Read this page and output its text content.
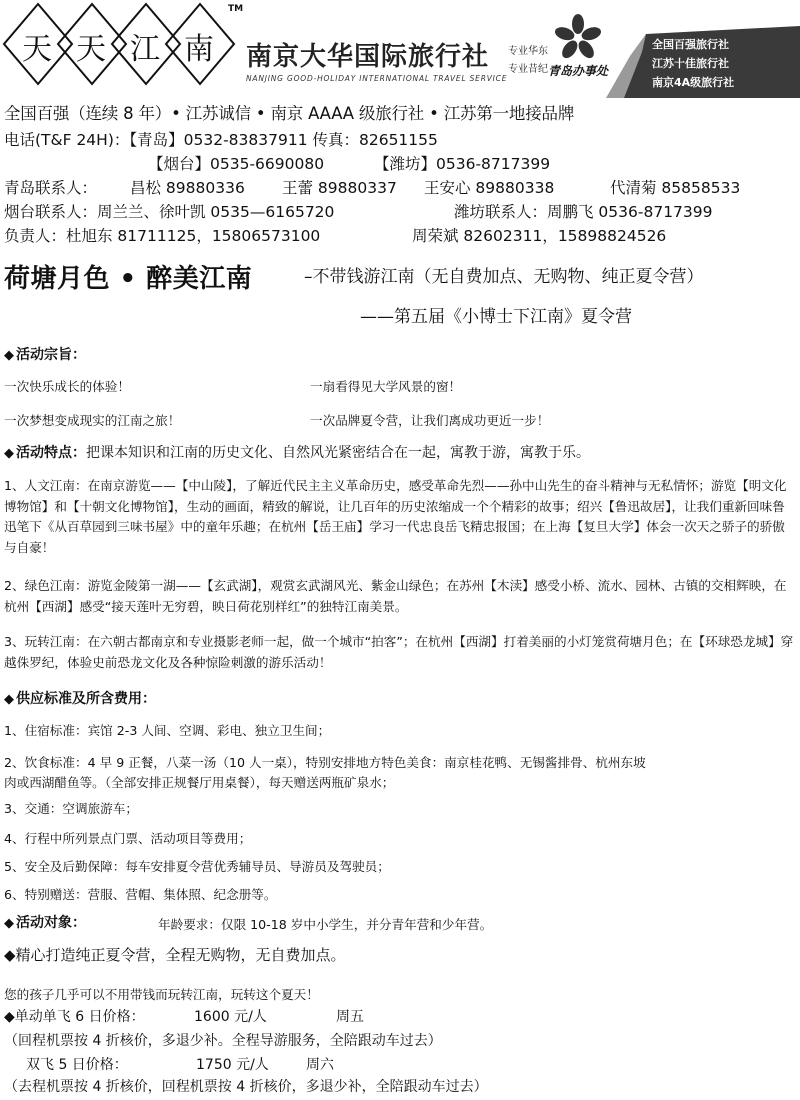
天 天 江 南
TM
南京大华国际旅行社
NANJING GOOD-HOLIDAY INTERNATIONAL TRAVEL SERVICE
专业华东
专业昔纪 青岛办事处
全国百强旅行社
江苏十佳旅行社
南京4A级旅行社
全国百强（连续 8 年）• 江苏诚信 • 南京 AAAA 级旅行社 • 江苏第一地接品牌
电话(T&F 24H)：【青岛】0532-83837911 传真：82651155
【烟台】0535-6690080	【潍坊】0536-8717399
青岛联系人： 昌松 89880336 王蕾 89880337 王安心 89880338	代清菊 85858533
烟台联系人：周兰兰、徐叶凯 0535—6165720	潍坊联系人：周鹏飞 0536-8717399
负责人：杜旭东 81711125，15806573100	周荣斌 82602311，15898824526
荷塘月色 • 醉美江南	–不带钱游江南（无自费加点、无购物、纯正夏令营）
——第五届《小博士下江南》夏令营
◆ 活动宗旨：
一次快乐成长的体验！	一扇看得见大学风景的窗！
一次梦想变成现实的江南之旅！	一次品牌夏令营，让我们离成功更近一步！
◆ 活动特点：把课本知识和江南的历史文化、自然风光紧密结合在一起，寓教于游，寓教于乐。
1、人文江南：在南京游览——【中山陵】，了解近代民主主义革命历史，感受革命先烈——孙中山先生的奋斗精神与无私情怀；游览【明文化博物馆】和【十朝文化博物馆】，生动的画面，精致的解说，让几百年的历史浓缩成一个个精彩的故事；绍兴【鲁迅故居】，让我们重新回味鲁迅笔下《从百草园到三味书屋》中的童年乐趣；在杭州【岳王庙】学习一代忠良岳飞精忠报国；在上海【复旦大学】体会一次天之骄子的骄傲与自豪！
2、绿色江南：游览金陵第一湖——【玄武湖】，观赏玄武湖风光、紫金山绿色；在苏州【木渎】感受小桥、流水、园林、古镇的交相辉映，在杭州【西湖】感受“接天莲叶无穷碧，映日荷花别样红”的独特江南美景。
3、玩转江南：在六朝古都南京和专业摄影老师一起，做一个城市“拍客”；在杭州【西湖】打着美丽的小灯笼赏荷塘月色；在【环球恐龙城】穿越侏罗纪，体验史前恐龙文化及各种惊险刺激的游乐活动！
◆ 供应标准及所含费用：
1、住宿标准：宾馆 2-3 人间、空调、彩电、独立卫生间；
2、饮食标准：4 早 9 正餐，八菜一汤（10 人一桌），特别安排地方特色美食：南京桂花鸭、无锡酱排骨、杭州东坡
肉或西湖醋鱼等。（全部安排正规餐厅用桌餐），每天赠送两瓶矿泉水；
3、交通：空调旅游车；
4、行程中所列景点门票、活动项目等费用；
5、安全及后勤保障：每车安排夏令营优秀辅导员、导游员及驾驶员；
6、特别赠送：营服、营帽、集体照、纪念册等。
◆ 活动对象：	年龄要求：仅限 10-18 岁中小学生，并分青年营和少年营。
◆精心打造纯正夏令营，全程无购物，无自费加点。
您的孩子几乎可以不用带钱而玩转江南，玩转这个夏天！
◆单动单飞 6 日价格：	1600 元/人	周五
（回程机票按 4 折核价，多退少补。全程导游服务，全陪跟动车过去）
双飞 5 日价格：	1750 元/人	周六
（去程机票按 4 折核价，回程机票按 4 折核价，多退少补，全陪跟动车过去）
